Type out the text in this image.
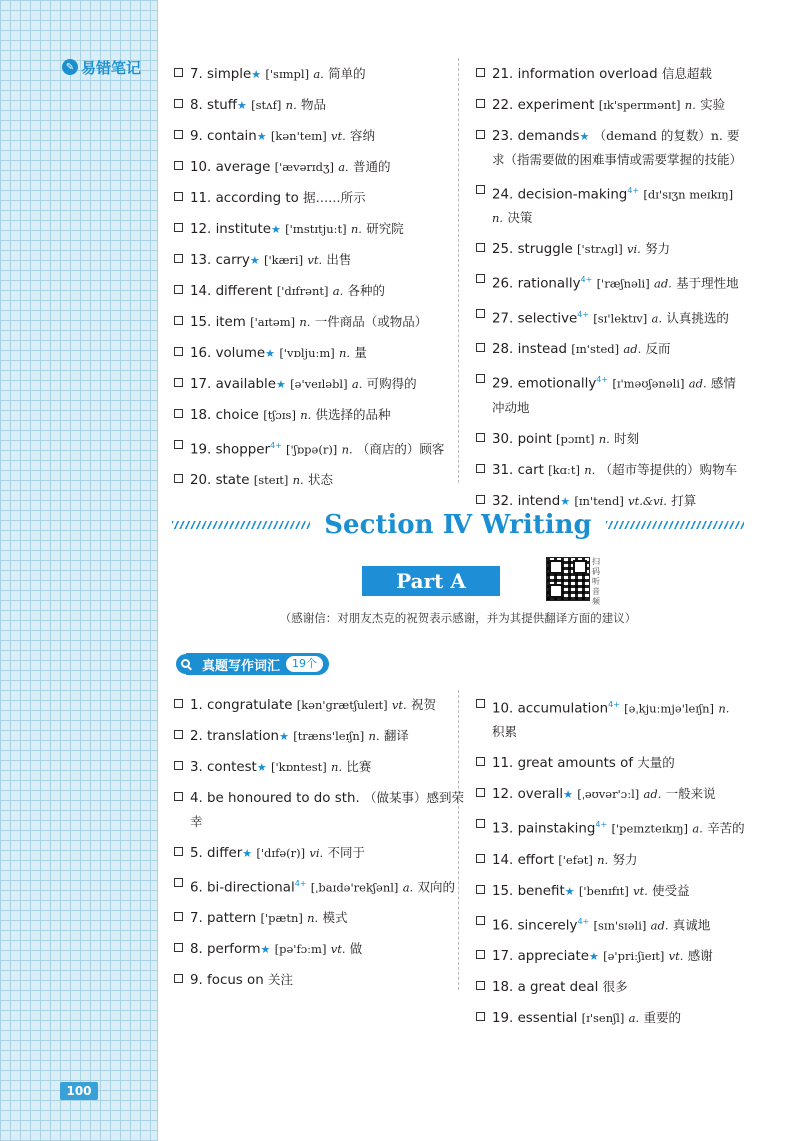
✎ 易错笔记
100
7. simple★ ['sɪmpl] a. 简单的
8. stuff★ [stʌf] n. 物品
9. contain★ [kən'teɪn] vt. 容纳
10. average ['ævərɪdʒ] a. 普通的
11. according to 据……所示
12. institute★ ['ɪnstɪtjuːt] n. 研究院
13. carry★ ['kæri] vt. 出售
14. different ['dɪfrənt] a. 各种的
15. item ['aɪtəm] n. 一件商品（或物品）
16. volume★ ['vɒljuːm] n. 量
17. available★ [ə'veɪləbl] a. 可购得的
18. choice [tʃɔɪs] n. 供选择的品种
19. shopper$^{4+}$ ['ʃɒpə(r)] n. （商店的）顾客
20. state [steɪt] n. 状态
21. information overload 信息超载
22. experiment [ɪk'sperɪmənt] n. 实验
23. demands★ （demand 的复数）n. 要求（指需要做的困难事情或需要掌握的技能）
24. decision-making$^{4+}$ [dɪ'sɪʒn meɪkɪŋ] n. 决策
25. struggle ['strʌgl] vi. 努力
26. rationally$^{4+}$ ['ræʃnəli] ad. 基于理性地
27. selective$^{4+}$ [sɪ'lektɪv] a. 认真挑选的
28. instead [ɪn'sted] ad. 反而
29. emotionally$^{4+}$ [ɪ'məʊʃənəli] ad. 感情冲动地
30. point [pɔɪnt] n. 时刻
31. cart [kɑːt] n. （超市等提供的）购物车
32. intend★ [ɪn'tend] vt.&vi. 打算
Section Ⅳ Writing
Part A
扫码听音频
（感谢信：对朋友杰克的祝贺表示感谢，并为其提供翻译方面的建议）
真题写作词汇	19个
1. congratulate [kən'grætʃuleɪt] vt. 祝贺
2. translation★ [træns'leɪʃn] n. 翻译
3. contest★ ['kɒntest] n. 比赛
4. be honoured to do sth. （做某事）感到荣幸
5. differ★ ['dɪfə(r)] vi. 不同于
6. bi-directional$^{4+}$ [ˌbaɪdə'rekʃənl] a. 双向的
7. pattern ['pætn] n. 模式
8. perform★ [pə'fɔːm] vt. 做
9. focus on 关注
10. accumulation$^{4+}$ [əˌkjuːmjə'leɪʃn] n. 积累
11. great amounts of 大量的
12. overall★ [ˌəʊvər'ɔːl] ad. 一般来说
13. painstaking$^{4+}$ ['peɪnzteɪkɪŋ] a. 辛苦的
14. effort ['efət] n. 努力
15. benefit★ ['benɪfɪt] vt. 使受益
16. sincerely$^{4+}$ [sɪn'sɪəli] ad. 真诚地
17. appreciate★ [ə'priːʃieɪt] vt. 感谢
18. a great deal 很多
19. essential [ɪ'senʃl] a. 重要的
